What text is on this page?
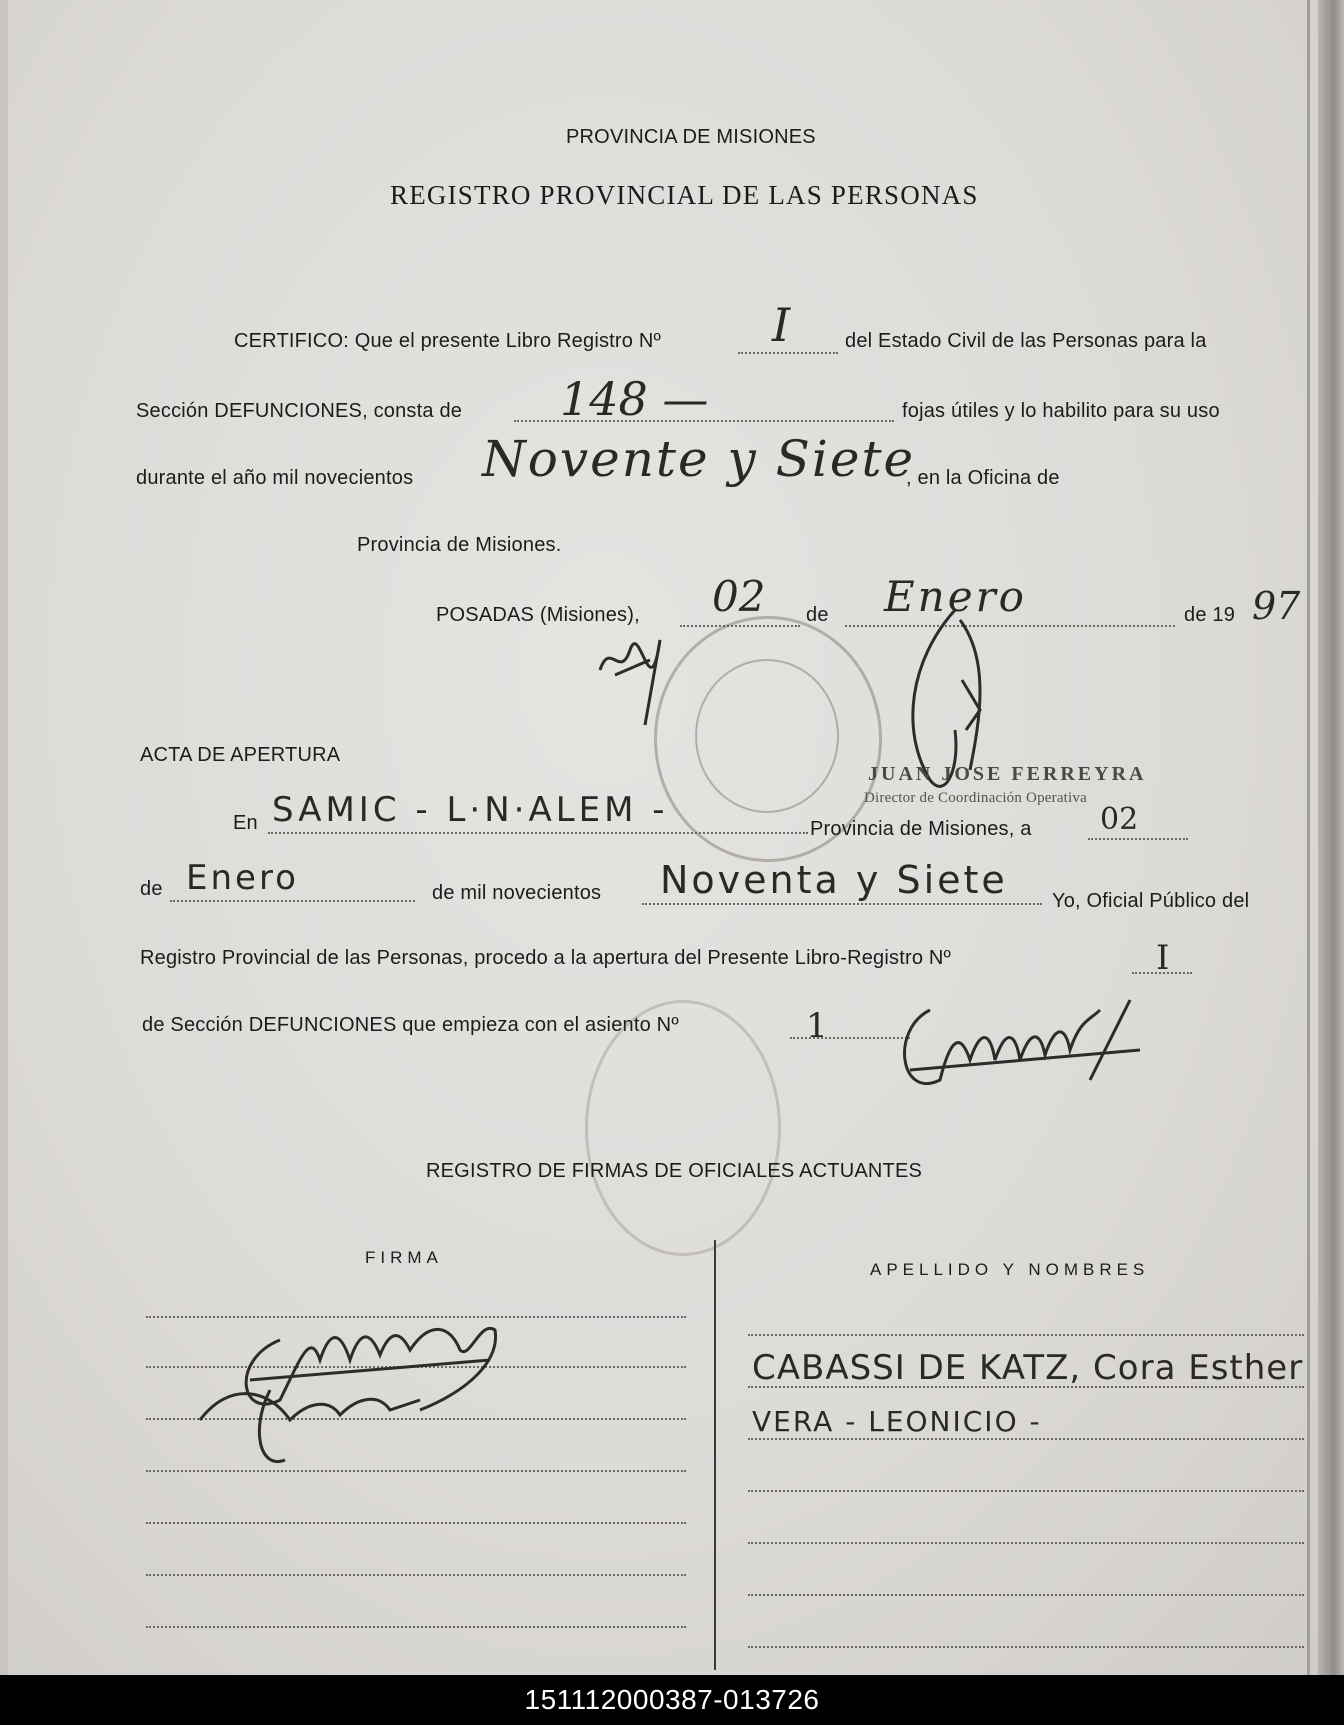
PROVINCIA DE MISIONES
REGISTRO PROVINCIAL DE LAS PERSONAS
CERTIFICO: Que el presente Libro Registro Nº I	del Estado Civil de las Personas para la
Sección DEFUNCIONES, consta de 148 —	fojas útiles y lo habilito para su uso
durante el año mil novecientos Novente y Siete
, en la Oficina de
Provincia de Misiones.
POSADAS (Misiones), 02 de Enero	de 19 97
JUAN JOSE FERREYRA
Director de Coordinación Operativa
ACTA DE APERTURA
En SAMIC - L·N·ALEM -	Provincia de Misiones, a 02
de Enero	de mil novecientos Noventa y Siete Yo, Oficial Público del
Registro Provincial de las Personas, procedo a la apertura del Presente Libro-Registro Nº	I
de Sección DEFUNCIONES que empieza con el asiento Nº	1
REGISTRO DE FIRMAS DE OFICIALES ACTUANTES
FIRMA
APELLIDO Y NOMBRES
CABASSI DE KATZ, Cora Esther
VERA - LEONICIO -
151112000387-013726
